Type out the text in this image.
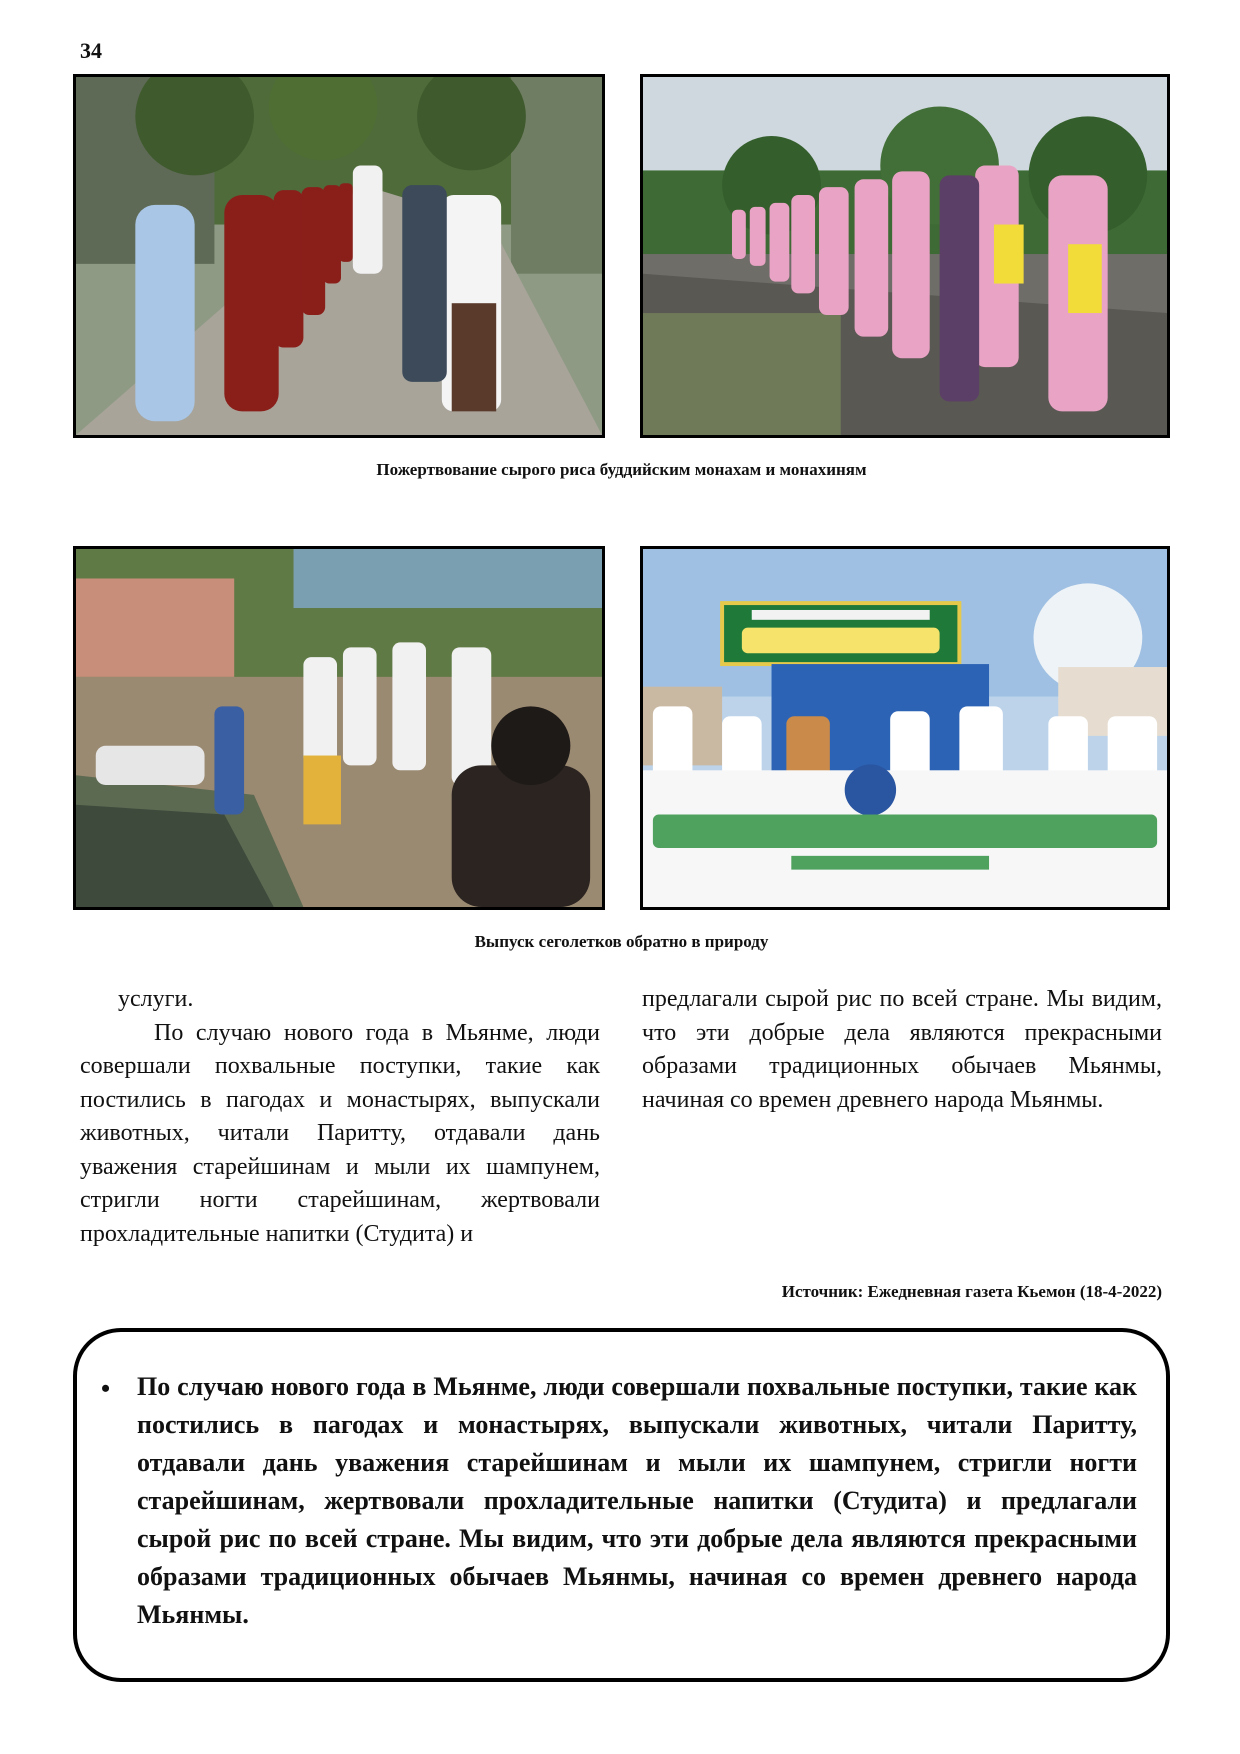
34
Пожертвование сырого риса буддийским монахам и монахиням
Выпуск сеголетков обратно в природу

услуги.

По случаю нового года в Мьянме, люди совершали похвальные поступки, такие как постились в пагодах и монастырях, выпускали животных, читали Паритту, отдавали дань уважения старейшинам и мыли их шампунем, стригли ногти старейшинам, жертвовали прохладительные напитки (Студита) и

предлагали сырой рис по всей стране. Мы видим, что эти добрые дела являются прекрасными образами традиционных обычаев Мьянмы, начиная со времен древнего народа Мьянмы.

Источник: Ежедневная газета Кьемон (18-4-2022)
• По случаю нового года в Мьянме, люди совершали похвальные поступки, такие как постились в пагодах и монастырях, выпускали животных, читали Паритту, отдавали дань уважения старейшинам и мыли их шампунем, стригли ногти старейшинам, жертвовали прохладительные напитки (Студита) и предлагали сырой рис по всей стране. Мы видим, что эти добрые дела являются прекрасными образами традиционных обычаев Мьянмы, начиная со времен древнего народа Мьянмы.
